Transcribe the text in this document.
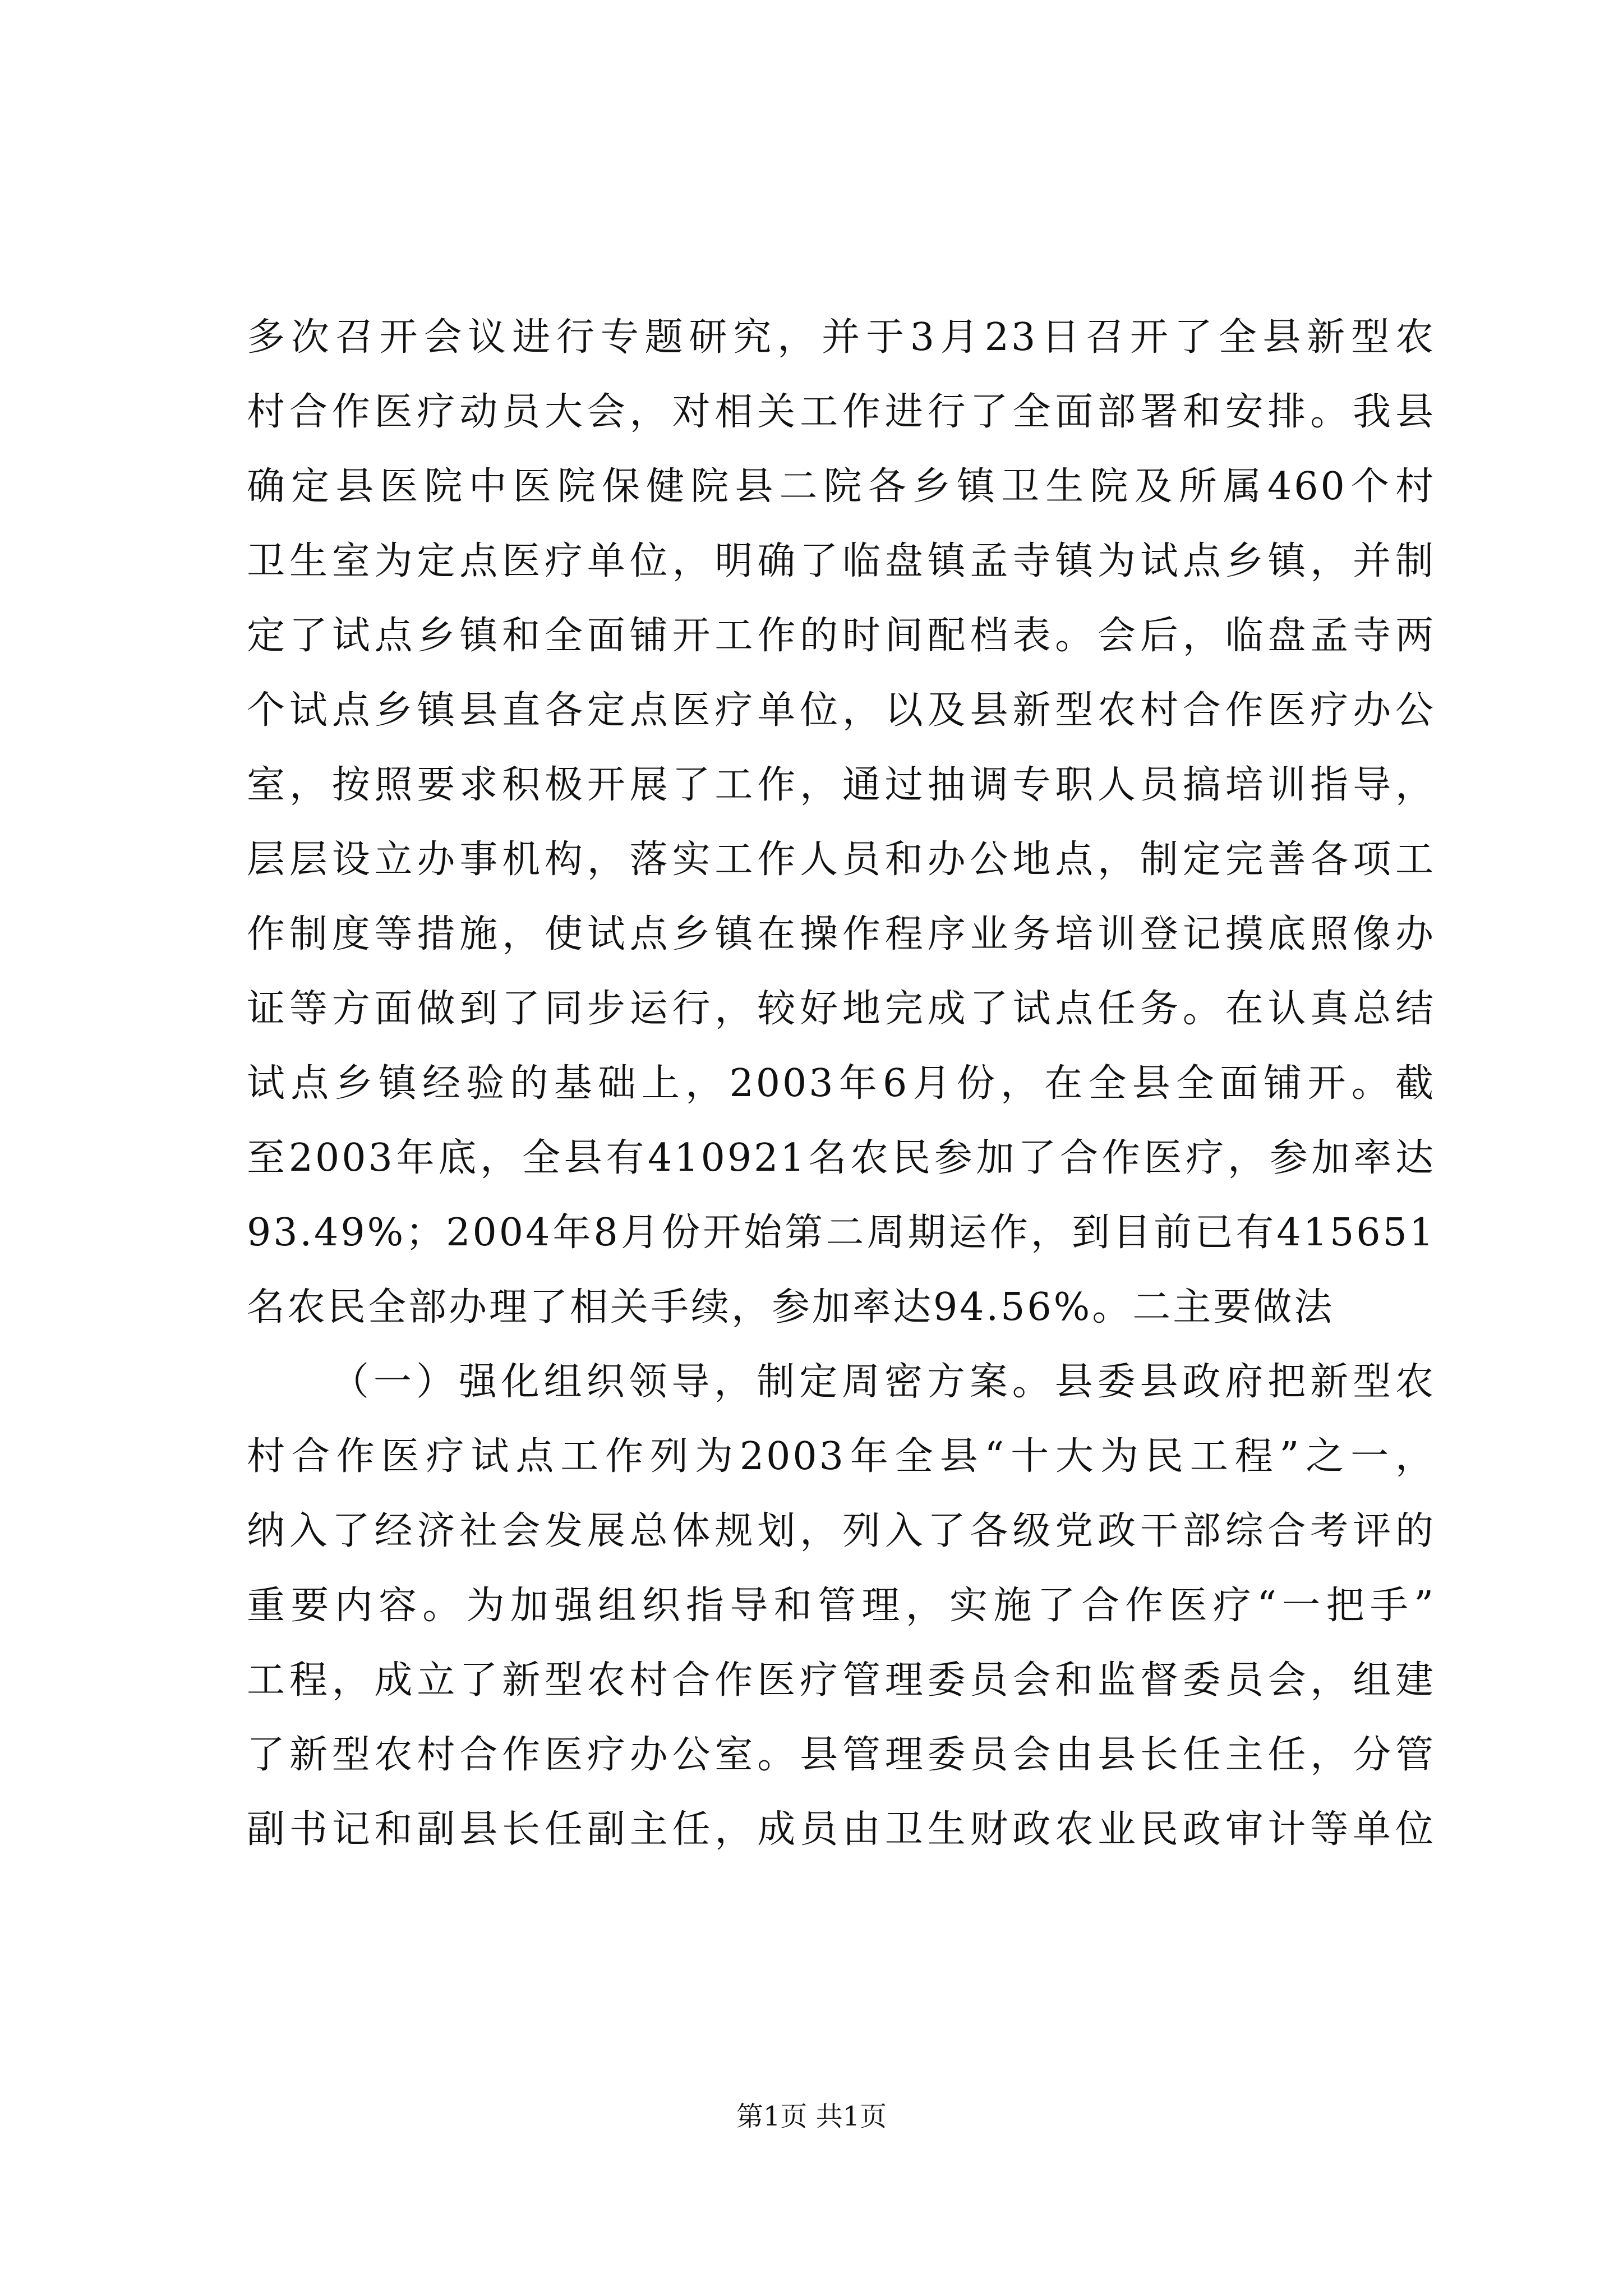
多次召开会议进行专题研究，并于3月23日召开了全县新型农
村合作医疗动员大会，对相关工作进行了全面部署和安排。我县
确定县医院中医院保健院县二院各乡镇卫生院及所属460个村
卫生室为定点医疗单位，明确了临盘镇孟寺镇为试点乡镇，并制
定了试点乡镇和全面铺开工作的时间配档表。会后，临盘孟寺两
个试点乡镇县直各定点医疗单位，以及县新型农村合作医疗办公
室，按照要求积极开展了工作，通过抽调专职人员搞培训指导，
层层设立办事机构，落实工作人员和办公地点，制定完善各项工
作制度等措施，使试点乡镇在操作程序业务培训登记摸底照像办
证等方面做到了同步运行，较好地完成了试点任务。在认真总结
试点乡镇经验的基础上，2003年6月份，在全县全面铺开。截
至2003年底，全县有410921名农民参加了合作医疗，参加率达
93.49%；2004年8月份开始第二周期运作，到目前已有415651
名农民全部办理了相关手续，参加率达94.56%。二主要做法
（一）强化组织领导，制定周密方案。县委县政府把新型农
村合作医疗试点工作列为2003年全县“十大为民工程”之一，
纳入了经济社会发展总体规划，列入了各级党政干部综合考评的
重要内容。为加强组织指导和管理，实施了合作医疗“一把手”
工程，成立了新型农村合作医疗管理委员会和监督委员会，组建
了新型农村合作医疗办公室。县管理委员会由县长任主任，分管
副书记和副县长任副主任，成员由卫生财政农业民政审计等单位
第1页 共1页
